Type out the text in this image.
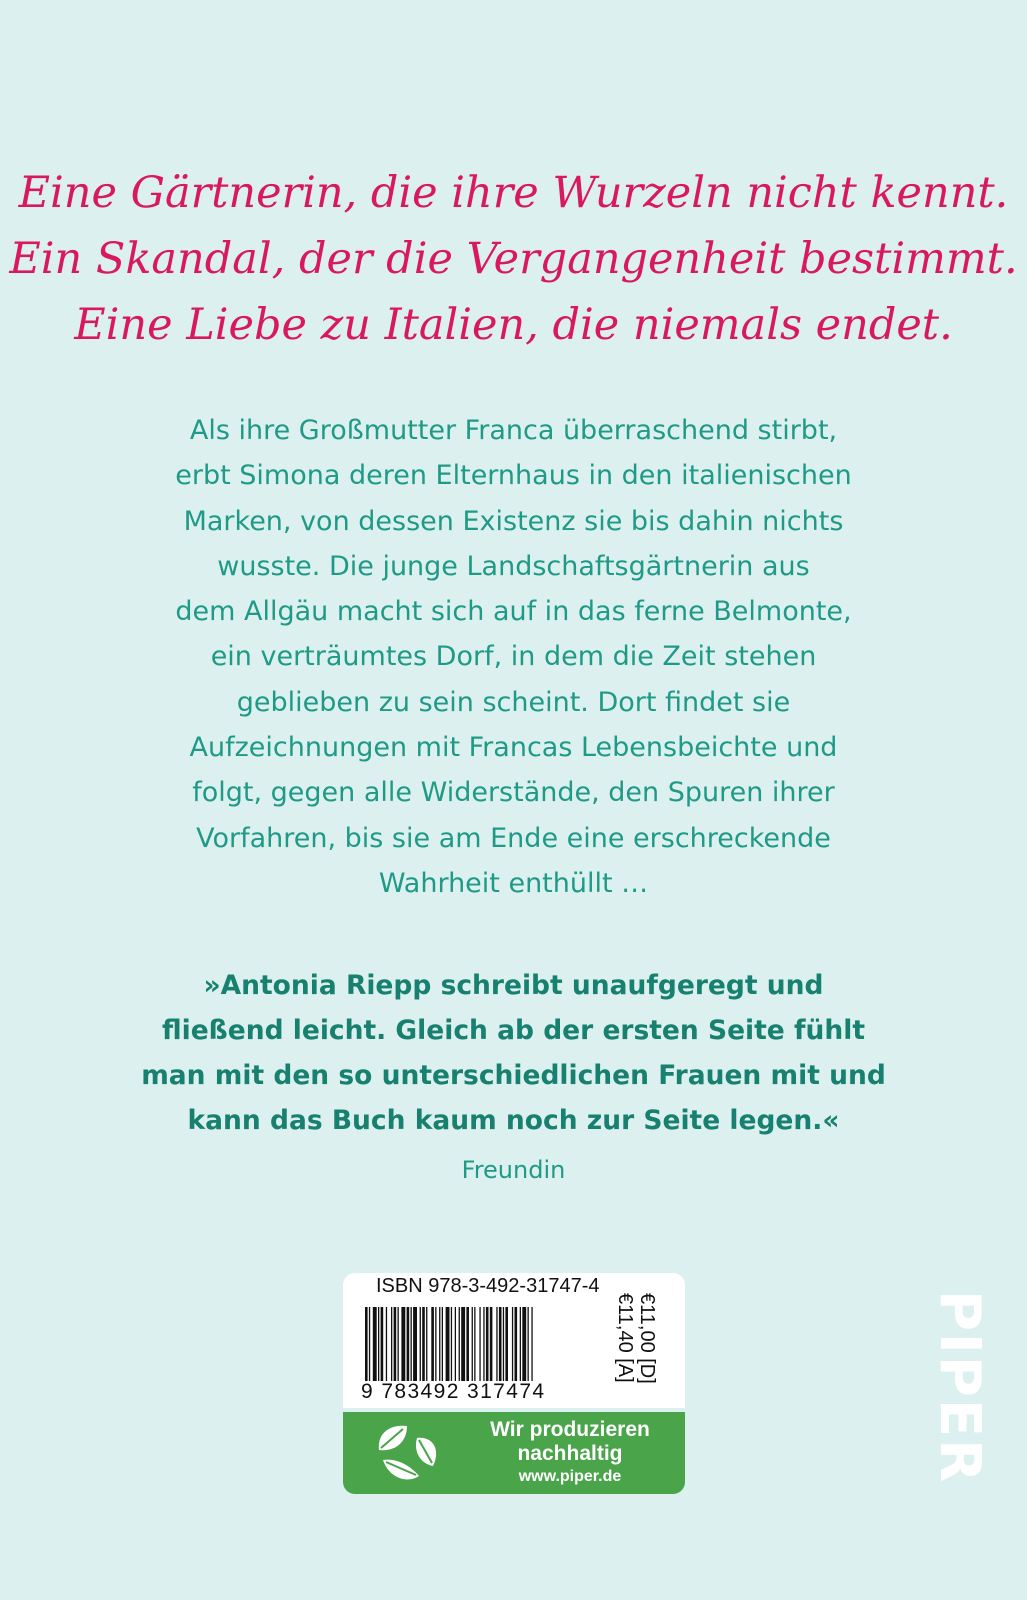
Eine Gärtnerin, die ihre Wurzeln nicht kennt.
Ein Skandal, der die Vergangenheit bestimmt.
Eine Liebe zu Italien, die niemals endet.
Als ihre Großmutter Franca überraschend stirbt,
erbt Simona deren Elternhaus in den italienischen
Marken, von dessen Existenz sie bis dahin nichts
wusste. Die junge Landschaftsgärtnerin aus
dem Allgäu macht sich auf in das ferne Belmonte,
ein verträumtes Dorf, in dem die Zeit stehen
geblieben zu sein scheint. Dort findet sie
Aufzeichnungen mit Francas Lebensbeichte und
folgt, gegen alle Widerstände, den Spuren ihrer
Vorfahren, bis sie am Ende eine erschreckende
Wahrheit enthüllt …
»Antonia Riepp schreibt unaufgeregt und
fließend leicht. Gleich ab der ersten Seite fühlt
man mit den so unterschiedlichen Frauen mit und
kann das Buch kaum noch zur Seite legen.«
Freundin
ISBN 978-3-492-31747-4
9 783492 317474
€11,00 [D]
€11,40 [A]
Wir produzieren
nachhaltig
www.piper.de	PIPER
